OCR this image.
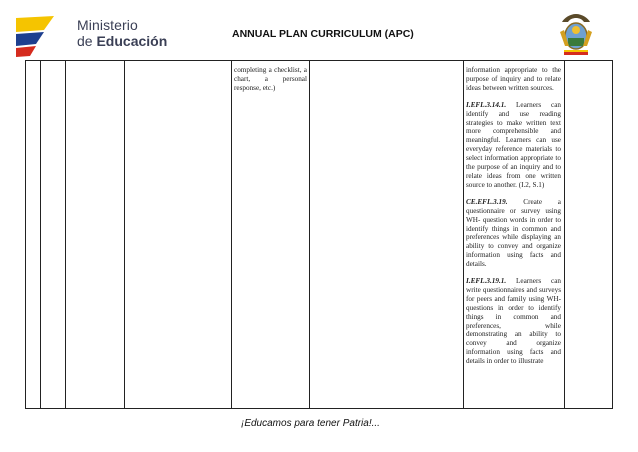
Ministerio
de Educación	ANNUAL PLAN CURRICULUM (APC)

completing a checklist, a chart, a personal response, etc.)

information appropriate to the purpose of inquiry and to relate ideas between written sources.

I.EFL.3.14.1. Learners can identify and use reading strategies to make written text more comprehensible and meaningful. Learners can use everyday reference materials to select information appropriate to the purpose of an inquiry and to relate ideas from one written source to another. (I.2, S.1)

CE.EFL.3.19. Create a questionnaire or survey using WH- question words in order to identify things in common and preferences while displaying an ability to convey and organize information using facts and details.

I.EFL.3.19.1. Learners can write questionnaires and surveys for peers and family using WH- questions in order to identify things in common and preferences, while demonstrating an ability to convey and organize information using facts and details in order to illustrate

¡Educamos para tener Patria!...
